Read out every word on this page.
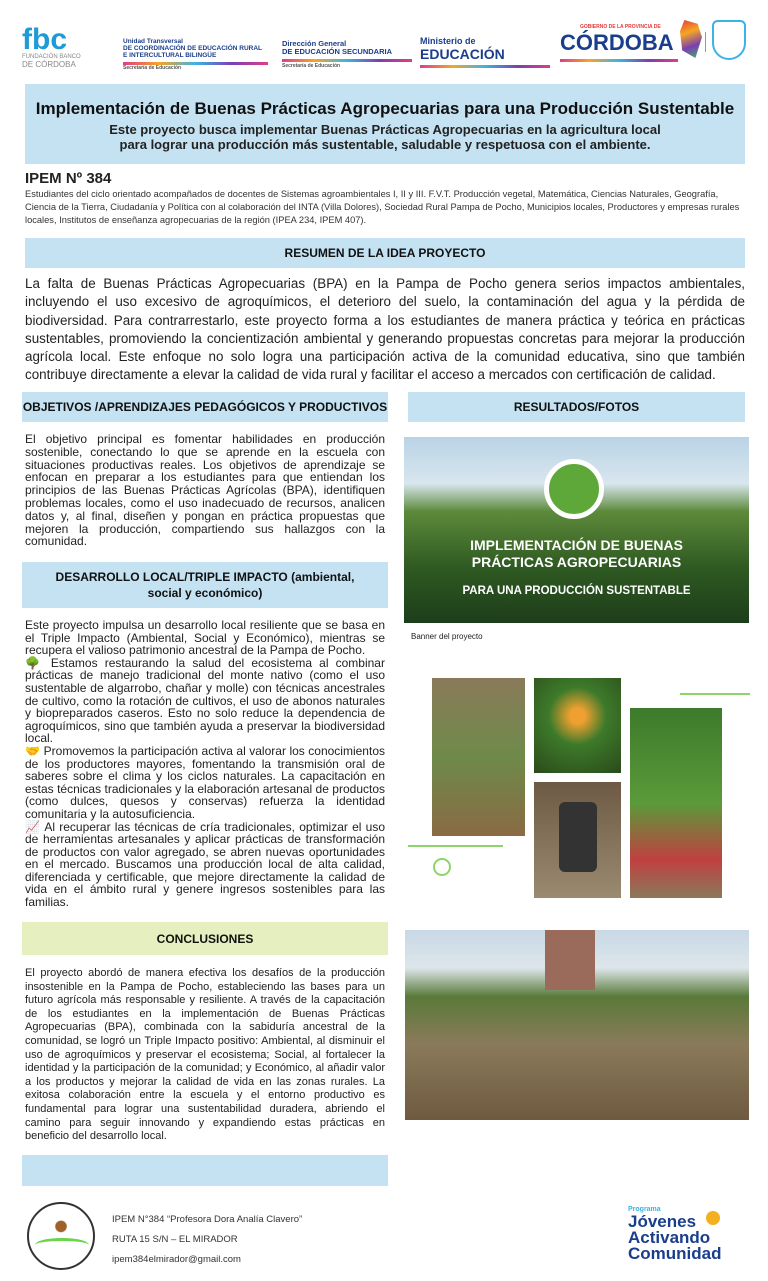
fbc
FUNDACIÓN BANCO
DE CÓRDOBA
Unidad Transversal
DE COORDINACIÓN DE EDUCACIÓN RURAL
E INTERCULTURAL BILINGÜE
Secretaría de Educación
Dirección General
DE EDUCACIÓN SECUNDARIA
Secretaría de Educación
Ministerio de
EDUCACIÓN
GOBIERNO DE LA PROVINCIA DE
CÓRDOBA
Implementación de Buenas Prácticas Agropecuarias para una Producción Sustentable
Este proyecto busca implementar Buenas Prácticas Agropecuarias en la agricultura local
para lograr una producción más sustentable, saludable y respetuosa con el ambiente.
IPEM Nº 384
Estudiantes del ciclo orientado acompañados de docentes de Sistemas agroambientales I, II y III. F.V.T. Producción vegetal, Matemática, Ciencias Naturales, Geografía, Ciencia de la Tierra, Ciudadanía y Política con al colaboración del INTA (Villa Dolores), Sociedad Rural Pampa de Pocho, Municipios locales, Productores y empresas rurales locales, Institutos de enseñanza agropecuarias de la región (IPEA 234, IPEM 407).
RESUMEN DE LA IDEA PROYECTO
La falta de Buenas Prácticas Agropecuarias (BPA) en la Pampa de Pocho genera serios impactos ambientales, incluyendo el uso excesivo de agroquímicos, el deterioro del suelo, la contaminación del agua y la pérdida de biodiversidad. Para contrarrestarlo, este proyecto forma a los estudiantes de manera práctica y teórica en prácticas sustentables, promoviendo la concientización ambiental y generando propuestas concretas para mejorar la producción agrícola local. Este enfoque no solo logra una participación activa de la comunidad educativa, sino que también contribuye directamente a elevar la calidad de vida rural y facilitar el acceso a mercados con certificación de calidad.
OBJETIVOS /APRENDIZAJES PEDAGÓGICOS Y PRODUCTIVOS
El objetivo principal es fomentar habilidades en producción sostenible, conectando lo que se aprende en la escuela con situaciones productivas reales. Los objetivos de aprendizaje se enfocan en preparar a los estudiantes para que entiendan los principios de las Buenas Prácticas Agrícolas (BPA), identifiquen problemas locales, como el uso inadecuado de recursos, analicen datos y, al final, diseñen y pongan en práctica propuestas que mejoren la producción, compartiendo sus hallazgos con la comunidad.
DESARROLLO LOCAL/TRIPLE IMPACTO (ambiental, social y económico)
Este proyecto impulsa un desarrollo local resiliente que se basa en el Triple Impacto (Ambiental, Social y Económico), mientras se recupera el valioso patrimonio ancestral de la Pampa de Pocho.
🌳 Estamos restaurando la salud del ecosistema al combinar prácticas de manejo tradicional del monte nativo (como el uso sustentable de algarrobo, chañar y molle) con técnicas ancestrales de cultivo, como la rotación de cultivos, el uso de abonos naturales y biopreparados caseros. Esto no solo reduce la dependencia de agroquímicos, sino que también ayuda a preservar la biodiversidad local.
🤝 Promovemos la participación activa al valorar los conocimientos de los productores mayores, fomentando la transmisión oral de saberes sobre el clima y los ciclos naturales. La capacitación en estas técnicas tradicionales y la elaboración artesanal de productos (como dulces, quesos y conservas) refuerza la identidad comunitaria y la autosuficiencia.
📈 Al recuperar las técnicas de cría tradicionales, optimizar el uso de herramientas artesanales y aplicar prácticas de transformación de productos con valor agregado, se abren nuevas oportunidades en el mercado. Buscamos una producción local de alta calidad, diferenciada y certificable, que mejore directamente la calidad de vida en el ámbito rural y genere ingresos sostenibles para las familias.
CONCLUSIONES
El proyecto abordó de manera efectiva los desafíos de la producción insostenible en la Pampa de Pocho, estableciendo las bases para un futuro agrícola más responsable y resiliente. A través de la capacitación de los estudiantes en la implementación de Buenas Prácticas Agropecuarias (BPA), combinada con la sabiduría ancestral de la comunidad, se logró un Triple Impacto positivo: Ambiental, al disminuir el uso de agroquímicos y preservar el ecosistema; Social, al fortalecer la identidad y la participación de la comunidad; y Económico, al añadir valor a los productos y mejorar la calidad de vida en las zonas rurales. La exitosa colaboración entre la escuela y el entorno productivo es fundamental para lograr una sustentabilidad duradera, abriendo el camino para seguir innovando y expandiendo estas prácticas en beneficio del desarrollo local.
RESULTADOS/FOTOS
IMPLEMENTACIÓN DE BUENAS
PRÁCTICAS AGROPECUARIAS
PARA UNA PRODUCCIÓN SUSTENTABLE
Banner del proyecto
IPEM N°384 “Profesora Dora Analía Clavero”
RUTA 15 S/N – EL MIRADOR
ipem384elmirador@gmail.com
Programa
Jóvenes
Activando
Comunidad
